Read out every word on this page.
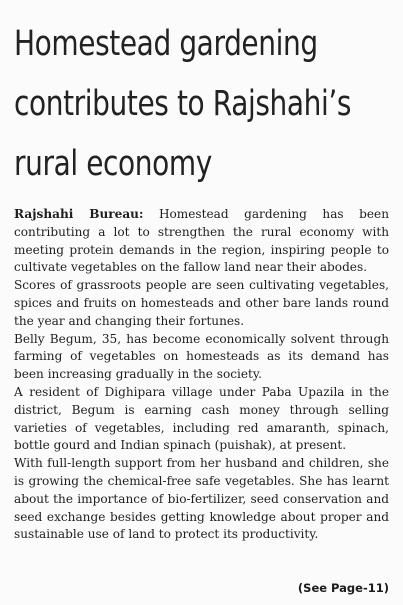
Homestead gardening
contributes to Rajshahi’s
rural economy

Rajshahi Bureau: Homestead gardening has been contributing a lot to strengthen the rural economy with meeting protein demands in the region, inspiring people to cultivate vegetables on the fallow land near their abodes.

Scores of grassroots people are seen cultivating vegetables, spices and fruits on homesteads and other bare lands round the year and changing their fortunes.

Belly Begum, 35, has become economically solvent through farming of vegetables on homesteads as its demand has been increasing gradually in the society.

A resident of Dighipara village under Paba Upazila in the district, Begum is earning cash money through selling varieties of vegetables, including red amaranth, spinach, bottle gourd and Indian spinach (puishak), at present.

With full-length support from her husband and children, she is growing the chemical-free safe vegetables. She has learnt about the importance of bio-fertilizer, seed conservation and seed exchange besides getting knowledge about proper and sustainable use of land to protect its productivity.

(See Page-11)
